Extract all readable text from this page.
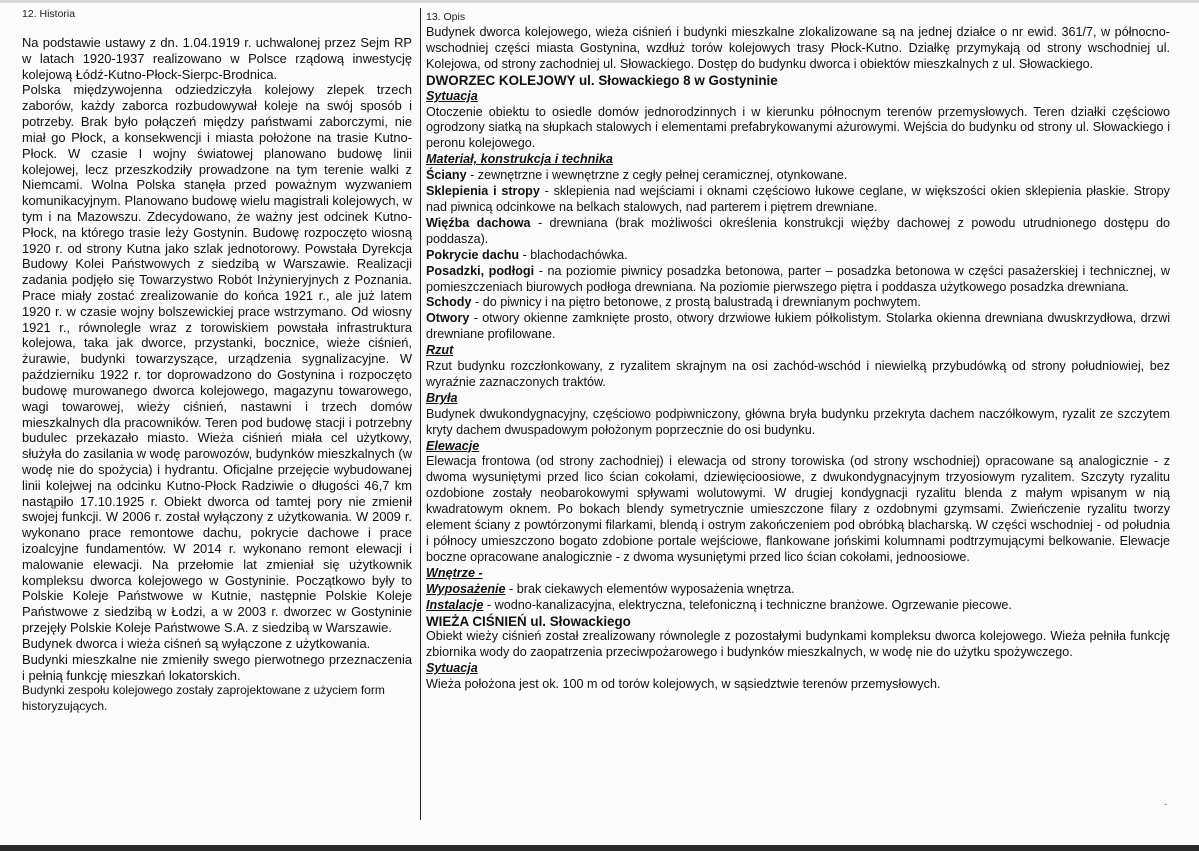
12. Historia	13. Opis

Na podstawie ustawy z dn. 1.04.1919 r. uchwalonej przez Sejm RP w latach 1920-1937 realizowano w Polsce rządową inwestycję kolejową Łódź-Kutno-Płock-Sierpc-Brodnica.

Polska międzywojenna odziedziczyła kolejowy zlepek trzech zaborów, każdy zaborca rozbudowywał koleje na swój sposób i potrzeby. Brak było połączeń między państwami zaborczymi, nie miał go Płock, a konsekwencji i miasta położone na trasie Kutno-Płock. W czasie I wojny światowej planowano budowę linii kolejowej, lecz przeszkodziły prowadzone na tym terenie walki z Niemcami. Wolna Polska stanęła przed poważnym wyzwaniem komunikacyjnym. Planowano budowę wielu magistrali kolejowych, w tym i na Mazowszu. Zdecydowano, że ważny jest odcinek Kutno-Płock, na którego trasie leży Gostynin. Budowę rozpoczęto wiosną 1920 r. od strony Kutna jako szlak jednotorowy. Powstała Dyrekcja Budowy Kolei Państwowych z siedzibą w Warszawie. Realizacji zadania podjęło się Towarzystwo Robót Inżynieryjnych z Poznania. Prace miały zostać zrealizowanie do końca 1921 r., ale już latem 1920 r. w czasie wojny bolszewickiej prace wstrzymano. Od wiosny 1921 r., równolegle wraz z torowiskiem powstała infrastruktura kolejowa, taka jak dworce, przystanki, bocznice, wieże ciśnień, żurawie, budynki towarzyszące, urządzenia sygnalizacyjne. W październiku 1922 r. tor doprowadzono do Gostynina i rozpoczęto budowę murowanego dworca kolejowego, magazynu towarowego, wagi towarowej, wieży ciśnień, nastawni i trzech domów mieszkalnych dla pracowników. Teren pod budowę stacji i potrzebny budulec przekazało miasto. Wieża ciśnień miała cel użytkowy, służyła do zasilania w wodę parowozów, budynków mieszkalnych (w wodę nie do spożycia) i hydrantu. Oficjalne przejęcie wybudowanej linii kolejwej na odcinku Kutno-Płock Radziwie o długości 46,7 km nastąpiło 17.10.1925 r. Obiekt dworca od tamtej pory nie zmienił swojej funkcji. W 2006 r. został wyłączony z użytkowania. W 2009 r. wykonano prace remontowe dachu, pokrycie dachowe i prace izoalcyjne fundamentów. W 2014 r. wykonano remont elewacji i malowanie elewacji. Na przełomie lat zmieniał się użytkownik kompleksu dworca kolejowego w Gostyninie. Początkowo były to Polskie Koleje Państwowe w Kutnie, następnie Polskie Koleje Państwowe z siedzibą w Łodzi, a w 2003 r. dworzec w Gostyninie przejęły Polskie Koleje Państwowe S.A. z siedzibą w Warszawie.

Budynek dworca i wieża ciśneń są wyłączone z użytkowania.

Budynki mieszkalne nie zmieniły swego pierwotnego przeznaczenia i pełnią funkcję mieszkań lokatorskich.

Budynki zespołu kolejowego zostały zaprojektowane z użyciem form historyzujących.

Budynek dworca kolejowego, wieża ciśnień i budynki mieszkalne zlokalizowane są na jednej działce o nr ewid. 361/7, w północno-wschodniej części miasta Gostynina, wzdłuż torów kolejowych trasy Płock-Kutno. Działkę przymykają od strony wschodniej ul. Kolejowa, od strony zachodniej ul. Słowackiego. Dostęp do budynku dworca i obiektów mieszkalnych z ul. Słowackiego.

DWORZEC KOLEJOWY ul. Słowackiego 8 w Gostyninie

Sytuacja

Otoczenie obiektu to osiedle domów jednorodzinnych i w kierunku północnym terenów przemysłowych. Teren działki częściowo ogrodzony siatką na słupkach stalowych i elementami prefabrykowanymi ażurowymi. Wejścia do budynku od strony ul. Słowackiego i peronu kolejowego.

Materiał, konstrukcja i technika

Ściany - zewnętrzne i wewnętrzne z cegły pełnej ceramicznej, otynkowane.

Sklepienia i stropy - sklepienia nad wejściami i oknami częściowo łukowe ceglane, w większości okien sklepienia płaskie. Stropy nad piwnicą odcinkowe na belkach stalowych, nad parterem i piętrem drewniane.

Więźba dachowa - drewniana (brak możliwości określenia konstrukcji więźby dachowej z powodu utrudnionego dostępu do poddasza).

Pokrycie dachu - blachodachówka.

Posadzki, podłogi - na poziomie piwnicy posadzka betonowa, parter – posadzka betonowa w części pasażerskiej i technicznej, w pomieszczeniach biurowych podłoga drewniana. Na poziomie pierwszego piętra i poddasza użytkowego posadzka drewniana.

Schody - do piwnicy i na piętro betonowe, z prostą balustradą i drewnianym pochwytem.

Otwory - otwory okienne zamknięte prosto, otwory drzwiowe łukiem półkolistym. Stolarka okienna drewniana dwuskrzydłowa, drzwi drewniane profilowane.

Rzut

Rzut budynku rozczłonkowany, z ryzalitem skrajnym na osi zachód-wschód i niewielką przybudówką od strony południowiej, bez wyraźnie zaznaczonych traktów.

Bryła

Budynek dwukondygnacyjny, częściowo podpiwniczony, główna bryła budynku przekryta dachem naczółkowym, ryzalit ze szczytem kryty dachem dwuspadowym położonym poprzecznie do osi budynku.

Elewacje

Elewacja frontowa (od strony zachodniej) i elewacja od strony torowiska (od strony wschodniej) opracowane są analogicznie - z dwoma wysuniętymi przed lico ścian cokołami, dziewięcioosiowe, z dwukondygnacyjnym trzyosiowym ryzalitem. Szczyty ryzalitu ozdobione zostały neobarokowymi spływami wolutowymi. W drugiej kondygnacji ryzalitu blenda z małym wpisanym w nią kwadratowym oknem. Po bokach blendy symetrycznie umieszczone filary z ozdobnymi gzymsami. Zwieńczenie ryzalitu tworzy element ściany z powtórzonymi filarkami, blendą i ostrym zakończeniem pod obróbką blacharską. W części wschodniej - od południa i północy umieszczono bogato zdobione portale wejściowe, flankowane jońskimi kolumnami podtrzymującymi belkowanie. Elewacje boczne opracowane analogicznie - z dwoma wysuniętymi przed lico ścian cokołami, jednoosiowe.

Wnętrze -

Wyposażenie - brak ciekawych elementów wyposażenia wnętrza.

Instalacje - wodno-kanalizacyjna, elektryczna, telefoniczną i techniczne branżowe. Ogrzewanie piecowe.

WIEŻA CIŚNIEŃ ul. Słowackiego

Obiekt wieży ciśnień został zrealizowany równolegle z pozostałymi budynkami kompleksu dworca kolejowego. Wieża pełniła funkcję zbiornika wody do zaopatrzenia przeciwpożarowego i budynków mieszkalnych, w wodę nie do użytku spożywczego.

Sytuacja

Wieża położona jest ok. 100 m od torów kolejowych, w sąsiedztwie terenów przemysłowych.

-
